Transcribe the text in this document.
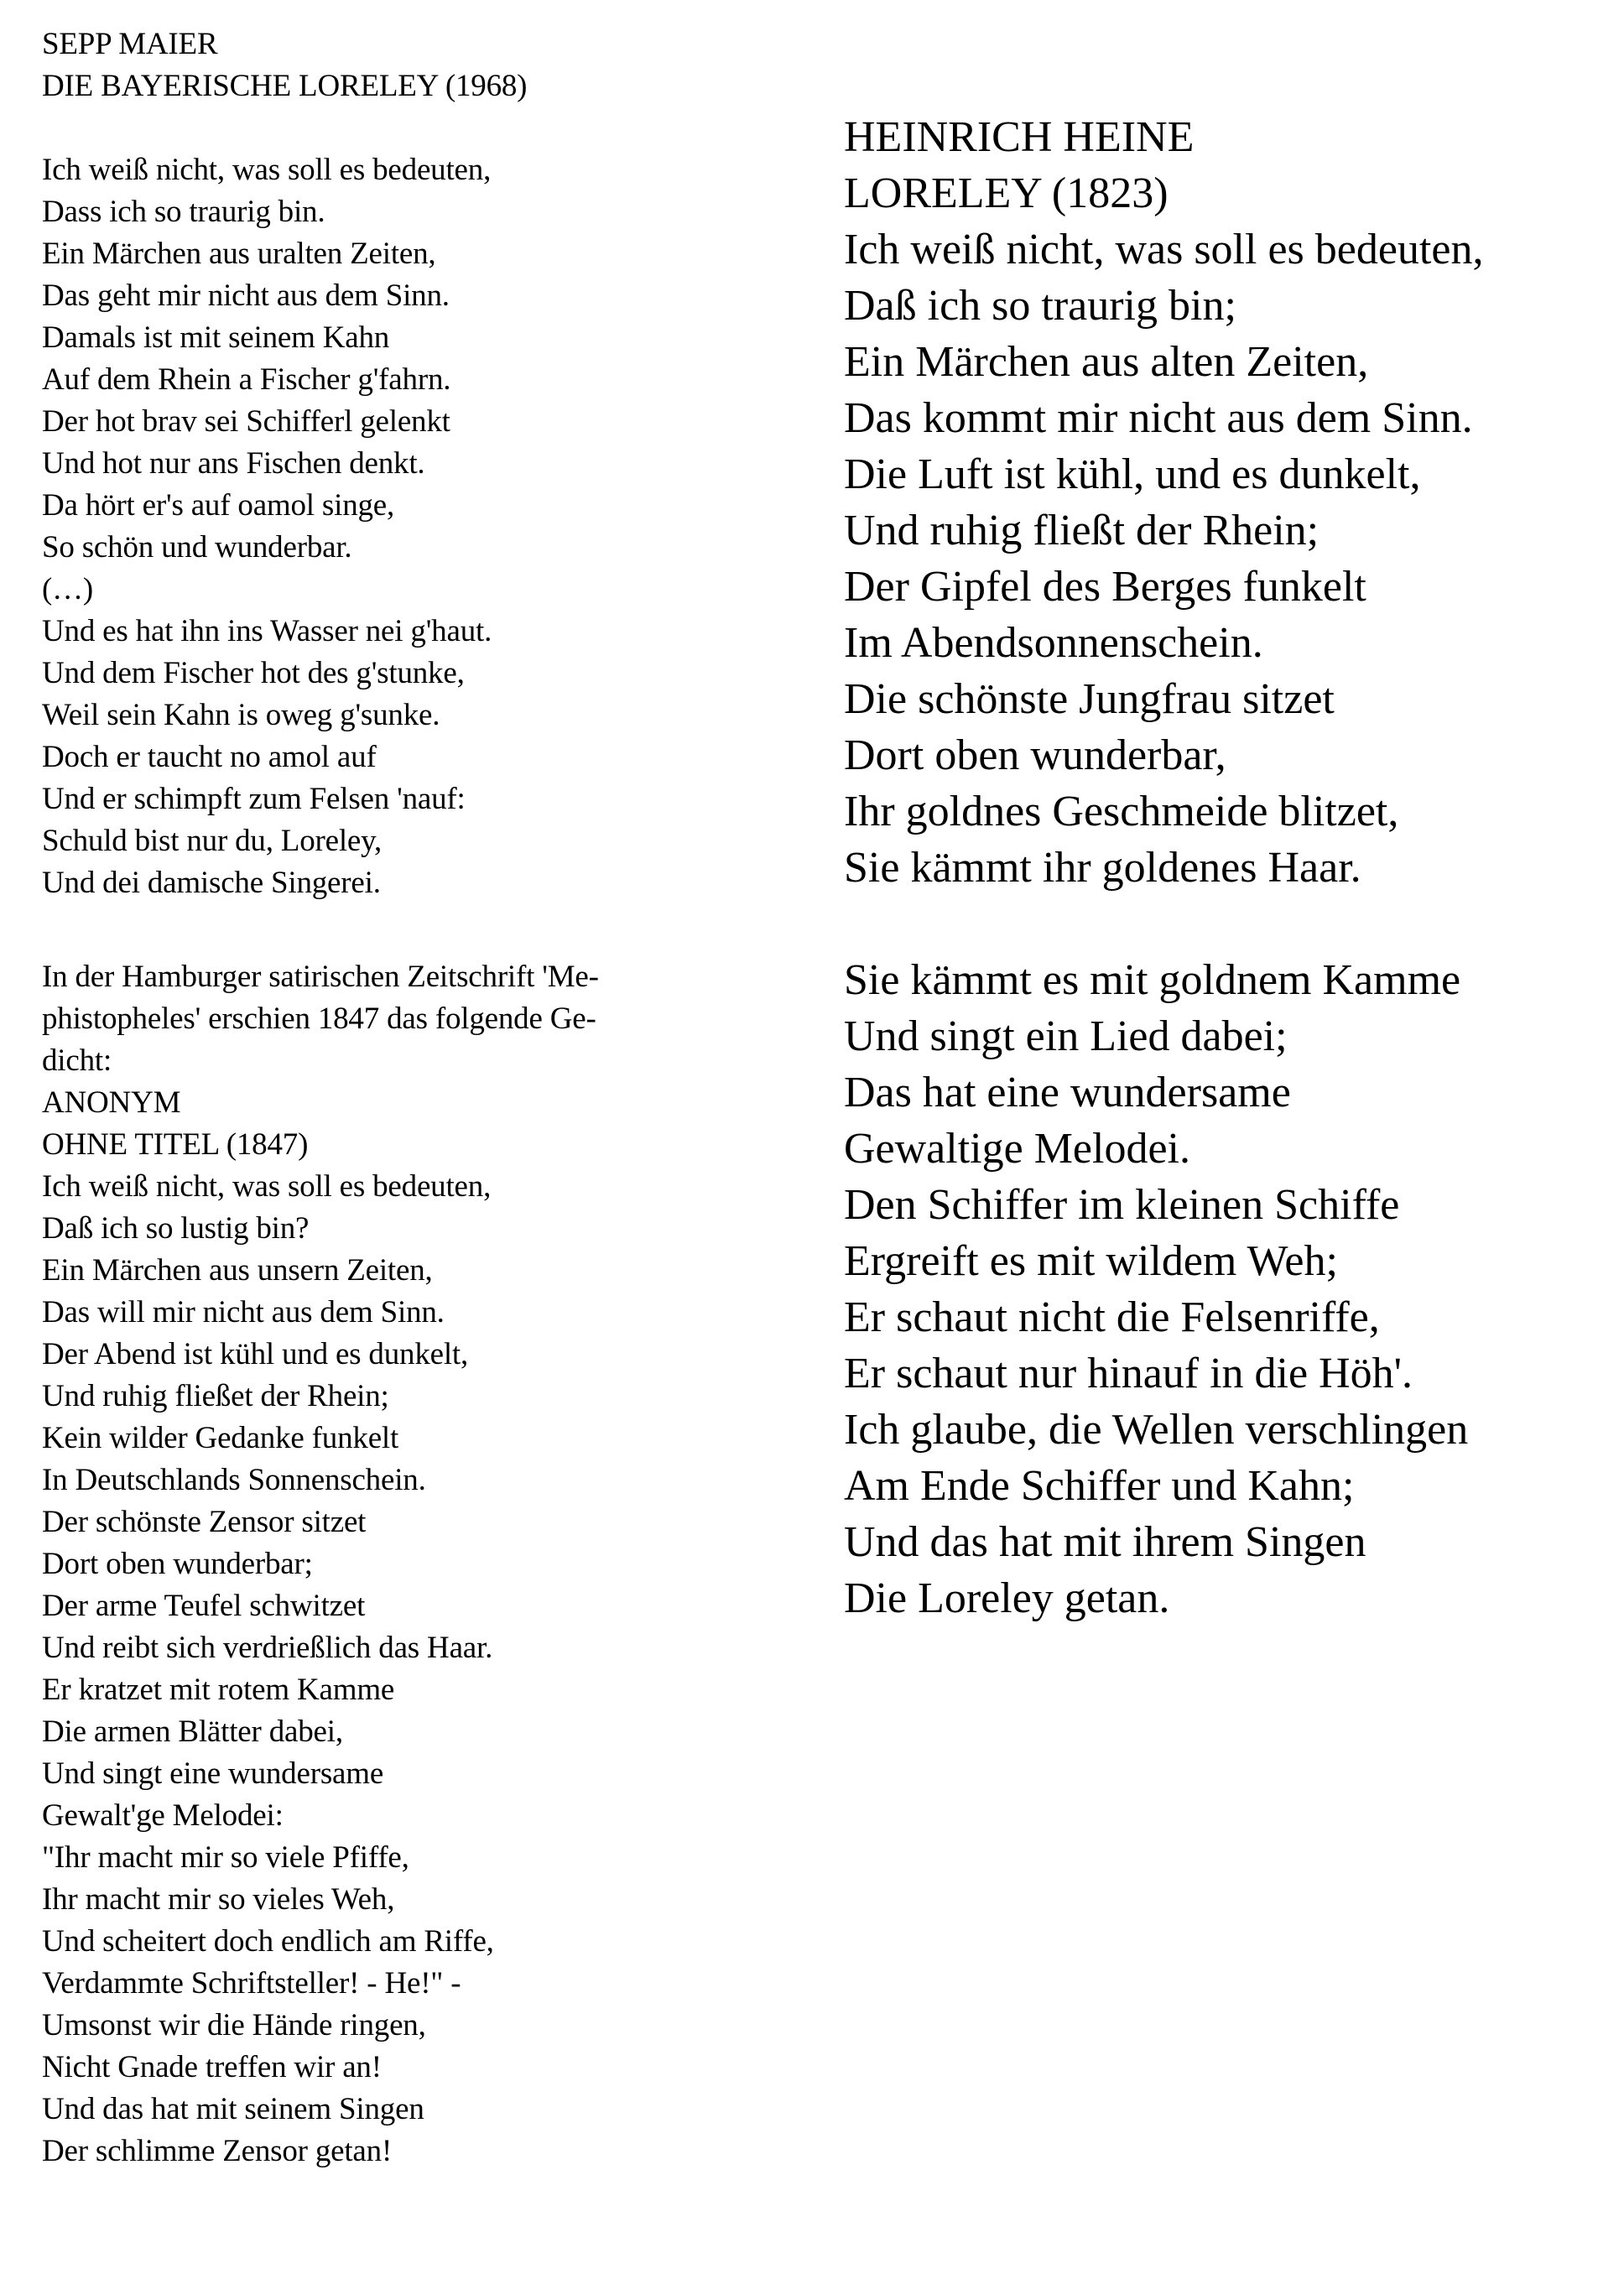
SEPP MAIER
DIE BAYERISCHE LORELEY (1968)
Ich weiß nicht, was soll es bedeuten,
Dass ich so traurig bin.
Ein Märchen aus uralten Zeiten,
Das geht mir nicht aus dem Sinn.
Damals ist mit seinem Kahn
Auf dem Rhein a Fischer g'fahrn.
Der hot brav sei Schifferl gelenkt
Und hot nur ans Fischen denkt.
Da hört er's auf oamol singe,
So schön und wunderbar.
(…)
Und es hat ihn ins Wasser nei g'haut.
Und dem Fischer hot des g'stunke,
Weil sein Kahn is oweg g'sunke.
Doch er taucht no amol auf
Und er schimpft zum Felsen 'nauf:
Schuld bist nur du, Loreley,
Und dei damische Singerei.
In der Hamburger satirischen Zeitschrift 'Me-
phistopheles' erschien 1847 das folgende Ge-
dicht:
ANONYM
OHNE TITEL (1847)
Ich weiß nicht, was soll es bedeuten,
Daß ich so lustig bin?
Ein Märchen aus unsern Zeiten,
Das will mir nicht aus dem Sinn.
Der Abend ist kühl und es dunkelt,
Und ruhig fließet der Rhein;
Kein wilder Gedanke funkelt
In Deutschlands Sonnenschein.
Der schönste Zensor sitzet
Dort oben wunderbar;
Der arme Teufel schwitzet
Und reibt sich verdrießlich das Haar.
Er kratzet mit rotem Kamme
Die armen Blätter dabei,
Und singt eine wundersame
Gewalt'ge Melodei:
"Ihr macht mir so viele Pfiffe,
Ihr macht mir so vieles Weh,
Und scheitert doch endlich am Riffe,
Verdammte Schriftsteller! - He!" -
Umsonst wir die Hände ringen,
Nicht Gnade treffen wir an!
Und das hat mit seinem Singen
Der schlimme Zensor getan!
HEINRICH HEINE
LORELEY (1823)
Ich weiß nicht, was soll es bedeuten,
Daß ich so traurig bin;
Ein Märchen aus alten Zeiten,
Das kommt mir nicht aus dem Sinn.
Die Luft ist kühl, und es dunkelt,
Und ruhig fließt der Rhein;
Der Gipfel des Berges funkelt
Im Abendsonnenschein.
Die schönste Jungfrau sitzet
Dort oben wunderbar,
Ihr goldnes Geschmeide blitzet,
Sie kämmt ihr goldenes Haar.
Sie kämmt es mit goldnem Kamme
Und singt ein Lied dabei;
Das hat eine wundersame
Gewaltige Melodei.
Den Schiffer im kleinen Schiffe
Ergreift es mit wildem Weh;
Er schaut nicht die Felsenriffe,
Er schaut nur hinauf in die Höh'.
Ich glaube, die Wellen verschlingen
Am Ende Schiffer und Kahn;
Und das hat mit ihrem Singen
Die Loreley getan.
